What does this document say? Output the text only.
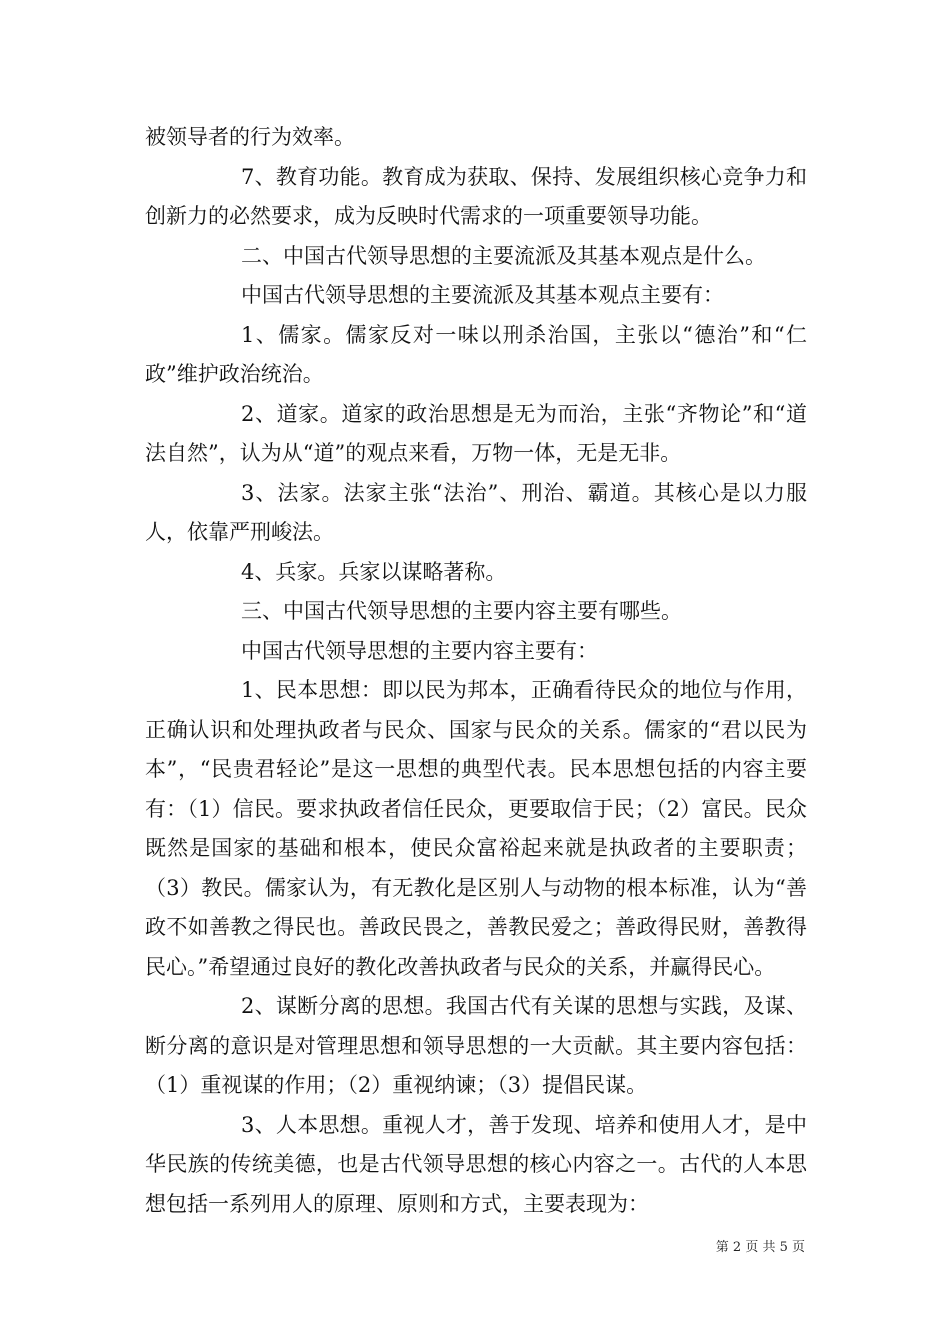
被领导者的行为效率。

7、教育功能。教育成为获取、保持、发展组织核心竞争力和创新力的必然要求，成为反映时代需求的一项重要领导功能。

二、中国古代领导思想的主要流派及其基本观点是什么。

中国古代领导思想的主要流派及其基本观点主要有：

1、儒家。儒家反对一味以刑杀治国，主张以“德治”和“仁政”维护政治统治。

2、道家。道家的政治思想是无为而治，主张“齐物论”和“道法自然”，认为从“道”的观点来看，万物一体，无是无非。

3、法家。法家主张“法治”、刑治、霸道。其核心是以力服人，依靠严刑峻法。

4、兵家。兵家以谋略著称。

三、中国古代领导思想的主要内容主要有哪些。

中国古代领导思想的主要内容主要有：

1、民本思想：即以民为邦本，正确看待民众的地位与作用，正确认识和处理执政者与民众、国家与民众的关系。儒家的“君以民为本”，“民贵君轻论”是这一思想的典型代表。民本思想包括的内容主要有：（1）信民。要求执政者信任民众，更要取信于民；（2）富民。民众既然是国家的基础和根本，使民众富裕起来就是执政者的主要职责；（3）教民。儒家认为，有无教化是区别人与动物的根本标准，认为“善政不如善教之得民也。善政民畏之，善教民爱之；善政得民财，善教得民心。”希望通过良好的教化改善执政者与民众的关系，并赢得民心。

2、谋断分离的思想。我国古代有关谋的思想与实践，及谋、断分离的意识是对管理思想和领导思想的一大贡献。其主要内容包括：（1）重视谋的作用；（2）重视纳谏；（3）提倡民谋。

3、人本思想。重视人才，善于发现、培养和使用人才，是中华民族的传统美德，也是古代领导思想的核心内容之一。古代的人本思想包括一系列用人的原理、原则和方式，主要表现为：

第 2 页 共 5 页
